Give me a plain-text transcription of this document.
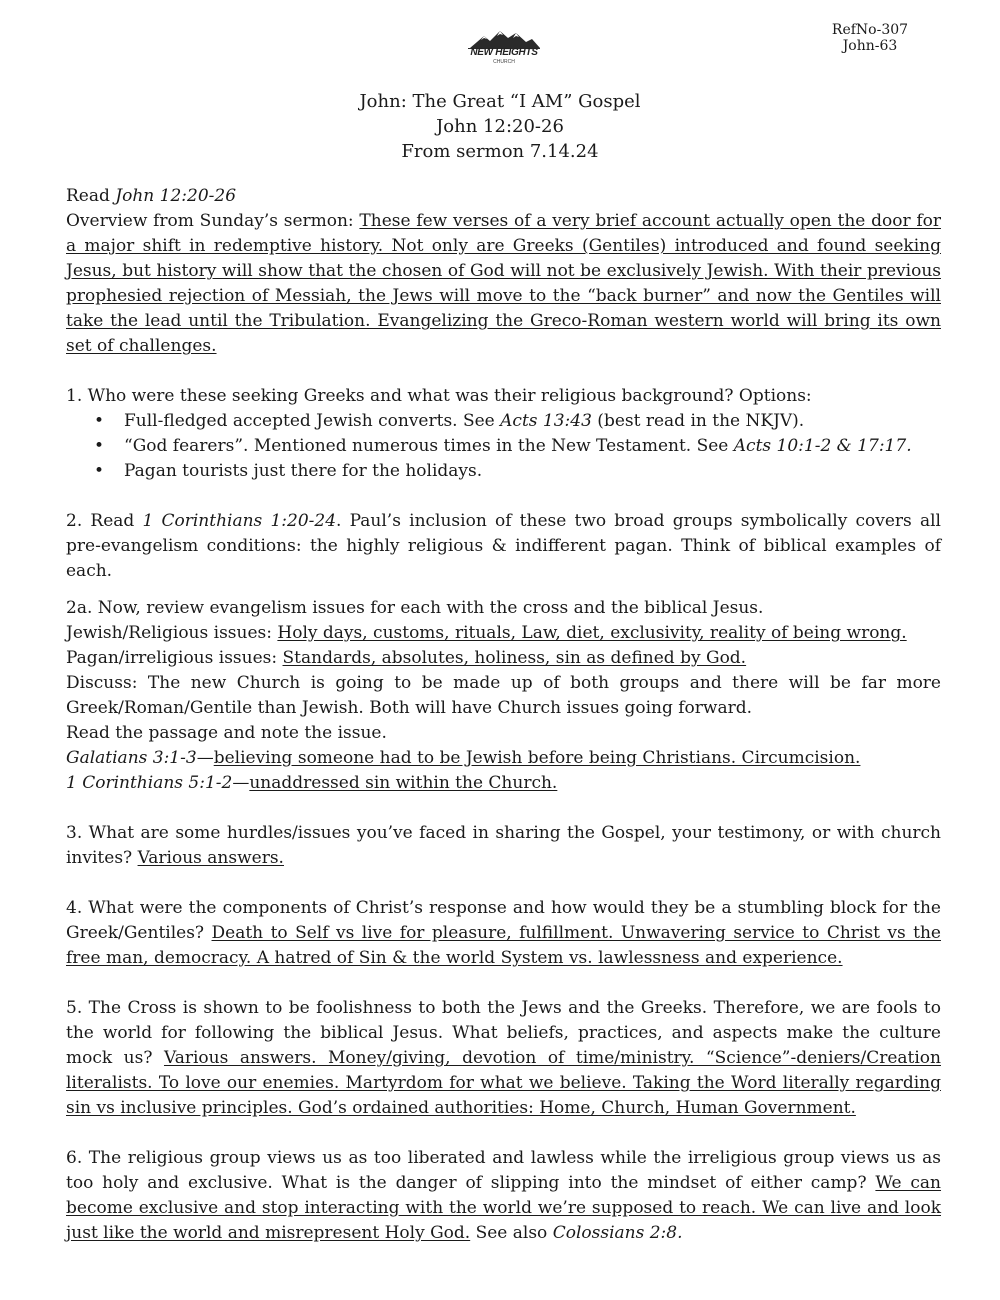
RefNo-307
John-63
NEW HEIGHTS
CHURCH
John: The Great “I AM” Gospel
John 12:20-26
From sermon 7.14.24

Read John 12:20-26

Overview from Sunday’s sermon: These few verses of a very brief account actually open the door for a major shift in redemptive history. Not only are Greeks (Gentiles) introduced and found seeking Jesus, but history will show that the chosen of God will not be exclusively Jewish. With their previous prophesied rejection of Messiah, the Jews will move to the “back burner” and now the Gentiles will take the lead until the Tribulation. Evangelizing the Greco-Roman western world will bring its own set of challenges.

1. Who were these seeking Greeks and what was their religious background? Options:

• Full-fledged accepted Jewish converts. See Acts 13:43 (best read in the NKJV).
• “God fearers”. Mentioned numerous times in the New Testament. See Acts 10:1-2 & 17:17.
• Pagan tourists just there for the holidays.

2. Read 1 Corinthians 1:20-24. Paul’s inclusion of these two broad groups symbolically covers all pre-evangelism conditions: the highly religious & indifferent pagan. Think of biblical examples of each.

2a. Now, review evangelism issues for each with the cross and the biblical Jesus.

Jewish/Religious issues: Holy days, customs, rituals, Law, diet, exclusivity, reality of being wrong.

Pagan/irreligious issues: Standards, absolutes, holiness, sin as defined by God.

Discuss: The new Church is going to be made up of both groups and there will be far more Greek/Roman/Gentile than Jewish. Both will have Church issues going forward.

Read the passage and note the issue.

Galatians 3:1-3—believing someone had to be Jewish before being Christians. Circumcision.

1 Corinthians 5:1-2—unaddressed sin within the Church.

3. What are some hurdles/issues you’ve faced in sharing the Gospel, your testimony, or with church invites? Various answers.

4. What were the components of Christ’s response and how would they be a stumbling block for the Greek/Gentiles? Death to Self vs live for pleasure, fulfillment. Unwavering service to Christ vs the free man, democracy. A hatred of Sin & the world System vs. lawlessness and experience.

5. The Cross is shown to be foolishness to both the Jews and the Greeks. Therefore, we are fools to the world for following the biblical Jesus. What beliefs, practices, and aspects make the culture mock us? Various answers. Money/giving, devotion of time/ministry. “Science”-deniers/Creation literalists. To love our enemies. Martyrdom for what we believe. Taking the Word literally regarding sin vs inclusive principles. God’s ordained authorities: Home, Church, Human Government.

6. The religious group views us as too liberated and lawless while the irreligious group views us as too holy and exclusive. What is the danger of slipping into the mindset of either camp? We can become exclusive and stop interacting with the world we’re supposed to reach. We can live and look just like the world and misrepresent Holy God. See also Colossians 2:8.
